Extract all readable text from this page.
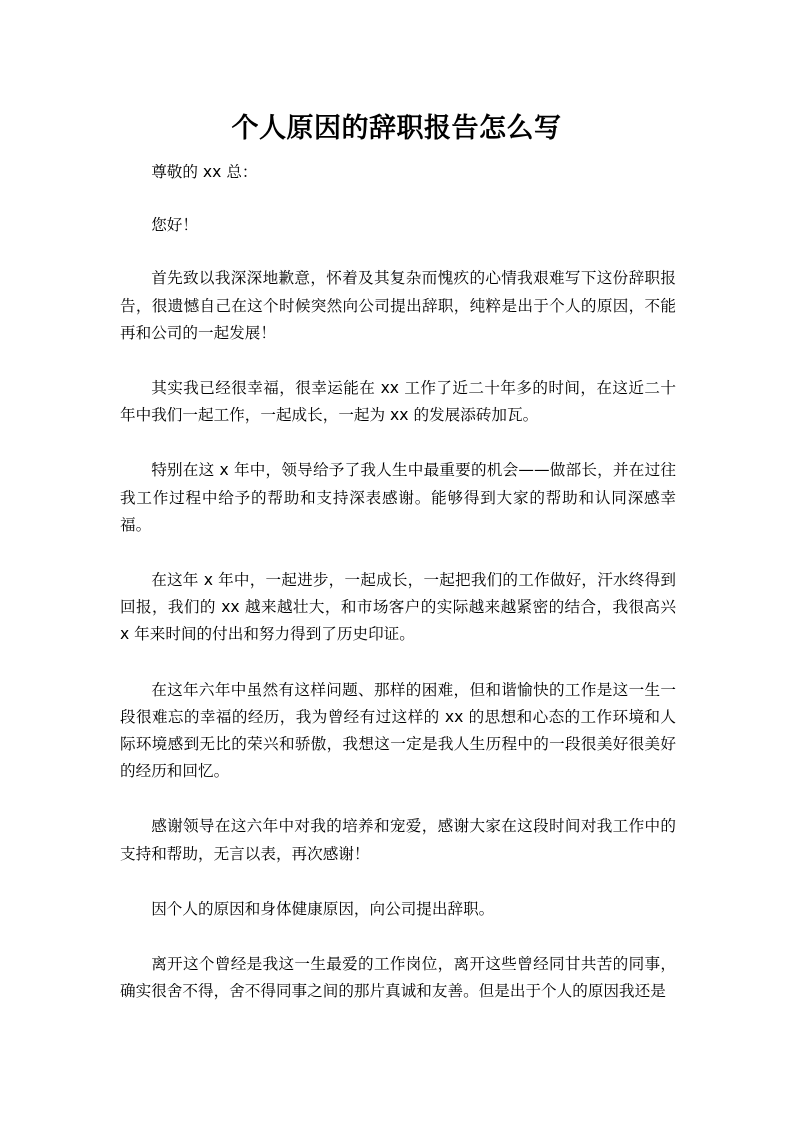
个人原因的辞职报告怎么写

尊敬的 xx 总：

您好！

首先致以我深深地歉意，怀着及其复杂而愧疚的心情我艰难写下这份辞职报告，很遗憾自己在这个时候突然向公司提出辞职，纯粹是出于个人的原因，不能再和公司的一起发展！

其实我已经很幸福，很幸运能在 xx 工作了近二十年多的时间，在这近二十年中我们一起工作，一起成长，一起为 xx 的发展添砖加瓦。

特别在这 x 年中，领导给予了我人生中最重要的机会——做部长，并在过往我工作过程中给予的帮助和支持深表感谢。能够得到大家的帮助和认同深感幸福。

在这年 x 年中，一起进步，一起成长，一起把我们的工作做好，汗水终得到回报，我们的 xx 越来越壮大，和市场客户的实际越来越紧密的结合，我很高兴 x 年来时间的付出和努力得到了历史印证。

在这年六年中虽然有这样问题、那样的困难，但和谐愉快的工作是这一生一段很难忘的幸福的经历，我为曾经有过这样的 xx 的思想和心态的工作环境和人际环境感到无比的荣兴和骄傲，我想这一定是我人生历程中的一段很美好很美好的经历和回忆。

感谢领导在这六年中对我的培养和宠爱，感谢大家在这段时间对我工作中的支持和帮助，无言以表，再次感谢！

因个人的原因和身体健康原因，向公司提出辞职。

离开这个曾经是我这一生最爱的工作岗位，离开这些曾经同甘共苦的同事，确实很舍不得，舍不得同事之间的那片真诚和友善。但是出于个人的原因我还是
